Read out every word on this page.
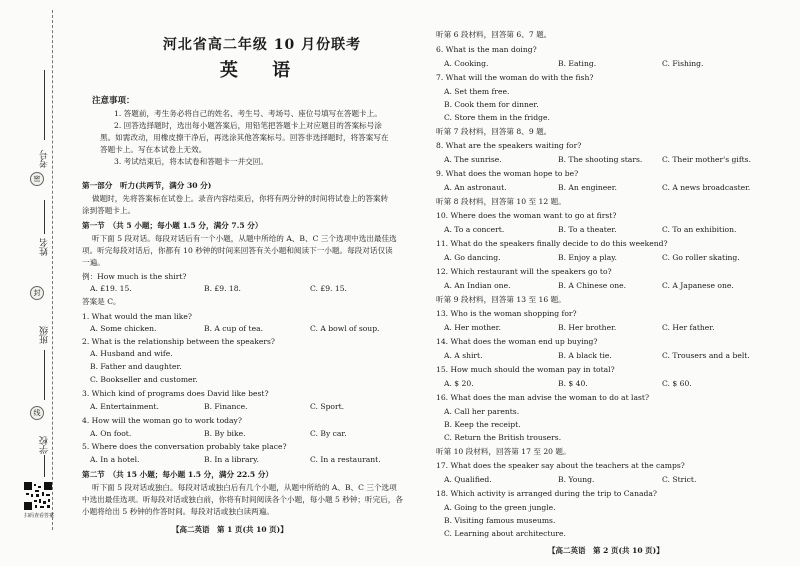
考号
密
姓名
封
班级
线
学校
扫码查看答案
河北省高二年级 10 月份联考
英 语
注意事项：
1. 答题前，考生务必将自己的姓名、考生号、考场号、座位号填写在答题卡上。
2. 回答选择题时，选出每小题答案后，用铅笔把答题卡上对应题目的答案标号涂
黑。如需改动，用橡皮擦干净后，再选涂其他答案标号。回答非选择题时，将答案写在
答题卡上。写在本试卷上无效。
3. 考试结束后，将本试卷和答题卡一并交回。
第一部分　听力(共两节，满分 30 分)
做题时，先将答案标在试卷上。录音内容结束后，你将有两分钟的时间将试卷上的答案转
涂到答题卡上。
第一节　（共 5 小题；每小题 1.5 分，满分 7.5 分）
听下面 5 段对话。每段对话后有一个小题，从题中所给的 A、B、C 三个选项中选出最佳选
项。听完每段对话后，你都有 10 秒钟的时间来回答有关小题和阅读下一小题。每段对话仅读
一遍。
例：How much is the shirt?
A. £19. 15.	B. £9. 18.	C. £9. 15.
答案是 C。
1. What would the man like?
A. Some chicken.	B. A cup of tea.	C. A bowl of soup.
2. What is the relationship between the speakers?
A. Husband and wife.
B. Father and daughter.
C. Bookseller and customer.
3. Which kind of programs does David like best?
A. Entertainment.	B. Finance.	C. Sport.
4. How will the woman go to work today?
A. On foot.	B. By bike.	C. By car.
5. Where does the conversation probably take place?
A. In a hotel.	B. In a library.	C. In a restaurant.
第二节　（共 15 小题；每小题 1.5 分，满分 22.5 分）
听下面 5 段对话或独白。每段对话或独白后有几个小题，从题中所给的 A、B、C 三个选项
中选出最佳选项。听每段对话或独白前，你将有时间阅读各个小题，每小题 5 秒钟；听完后，各
小题将给出 5 秒钟的作答时间。每段对话或独白读两遍。
【高二英语　第 1 页(共 10 页)】
听第 6 段材料，回答第 6、7 题。
6. What is the man doing?
A. Cooking.	B. Eating.	C. Fishing.
7. What will the woman do with the fish?
A. Set them free.
B. Cook them for dinner.
C. Store them in the fridge.
听第 7 段材料，回答第 8、9 题。
8. What are the speakers waiting for?
A. The sunrise.	B. The shooting stars.	C. Their mother's gifts.
9. What does the woman hope to be?
A. An astronaut.	B. An engineer.	C. A news broadcaster.
听第 8 段材料，回答第 10 至 12 题。
10. Where does the woman want to go at first?
A. To a concert.	B. To a theater.	C. To an exhibition.
11. What do the speakers finally decide to do this weekend?
A. Go dancing.	B. Enjoy a play.	C. Go roller skating.
12. Which restaurant will the speakers go to?
A. An Indian one.	B. A Chinese one.	C. A Japanese one.
听第 9 段材料，回答第 13 至 16 题。
13. Who is the woman shopping for?
A. Her mother.	B. Her brother.	C. Her father.
14. What does the woman end up buying?
A. A shirt.	B. A black tie.	C. Trousers and a belt.
15. How much should the woman pay in total?
A. $ 20.	B. $ 40.	C. $ 60.
16. What does the man advise the woman to do at last?
A. Call her parents.
B. Keep the receipt.
C. Return the British trousers.
听第 10 段材料，回答第 17 至 20 题。
17. What does the speaker say about the teachers at the camps?
A. Qualified.	B. Young.	C. Strict.
18. Which activity is arranged during the trip to Canada?
A. Going to the green jungle.
B. Visiting famous museums.
C. Learning about architecture.
【高二英语　第 2 页(共 10 页)】
